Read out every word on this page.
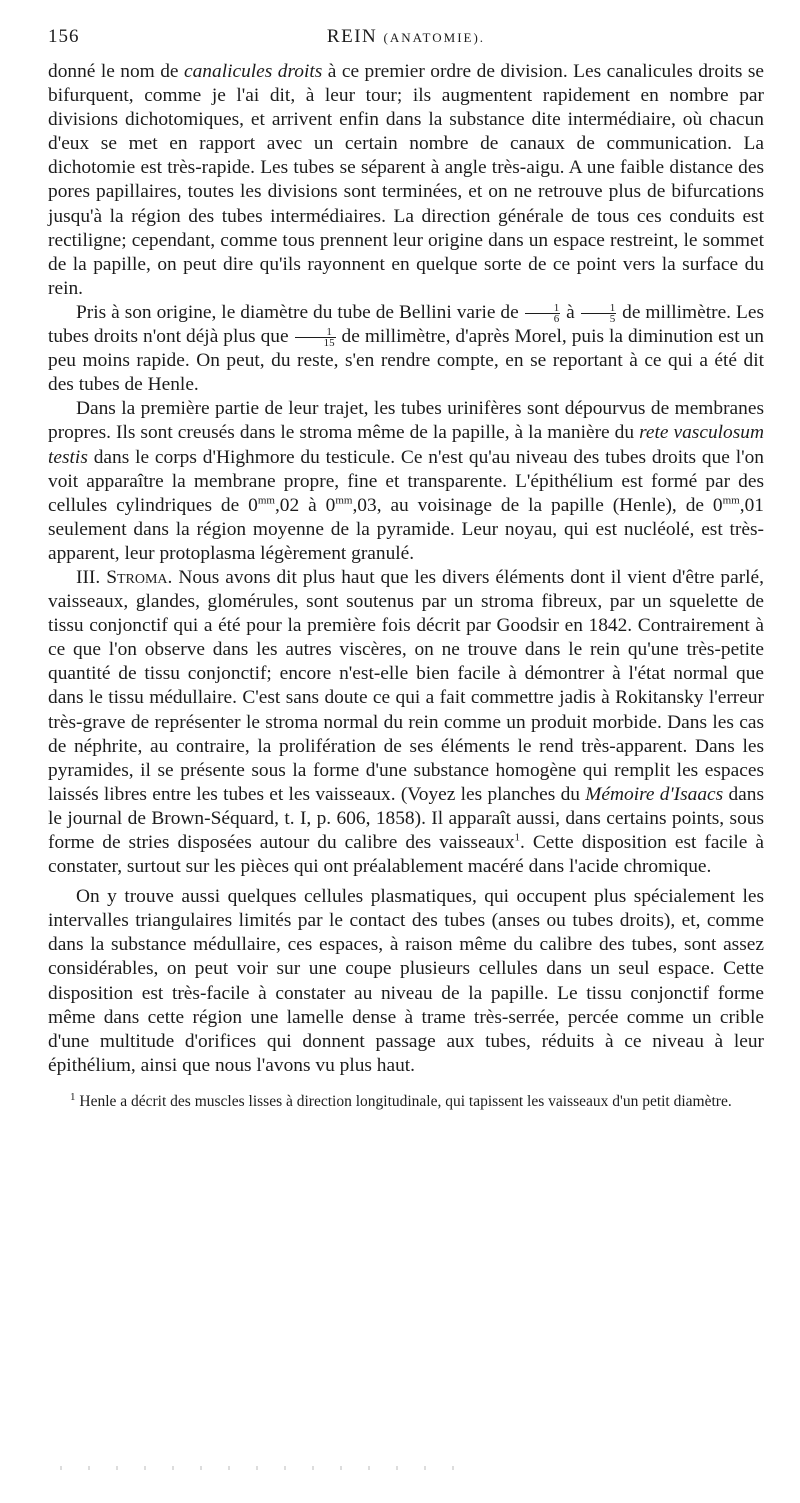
156	REIN (ANATOMIE).

donné le nom de canalicules droits à ce premier ordre de division. Les canalicules droits se bifurquent, comme je l'ai dit, à leur tour; ils augmentent rapidement en nombre par divisions dichotomiques, et arrivent enfin dans la substance dite intermédiaire, où chacun d'eux se met en rapport avec un certain nombre de canaux de communication. La dichotomie est très-rapide. Les tubes se séparent à angle très-aigu. A une faible distance des pores papillaires, toutes les divisions sont terminées, et on ne retrouve plus de bifurcations jusqu'à la région des tubes intermédiaires. La direction générale de tous ces conduits est rectiligne; cependant, comme tous prennent leur origine dans un espace restreint, le sommet de la papille, on peut dire qu'ils rayonnent en quelque sorte de ce point vers la surface du rein.

Pris à son origine, le diamètre du tube de Bellini varie de $\frac{1}{6}$ à $\frac{1}{5}$ de millimètre. Les tubes droits n'ont déjà plus que $\frac{1}{15}$ de millimètre, d'après Morel, puis la diminution est un peu moins rapide. On peut, du reste, s'en rendre compte, en se reportant à ce qui a été dit des tubes de Henle.

Dans la première partie de leur trajet, les tubes urinifères sont dépourvus de membranes propres. Ils sont creusés dans le stroma même de la papille, à la manière du rete vasculosum testis dans le corps d'Highmore du testicule. Ce n'est qu'au niveau des tubes droits que l'on voit apparaître la membrane propre, fine et transparente. L'épithélium est formé par des cellules cylindriques de $0^{mm},02$ à $0^{mm},03$, au voisinage de la papille (Henle), de $0^{mm},01$ seulement dans la région moyenne de la pyramide. Leur noyau, qui est nucléolé, est très-apparent, leur protoplasma légèrement granulé.

III. Stroma. Nous avons dit plus haut que les divers éléments dont il vient d'être parlé, vaisseaux, glandes, glomérules, sont soutenus par un stroma fibreux, par un squelette de tissu conjonctif qui a été pour la première fois décrit par Goodsir en 1842. Contrairement à ce que l'on observe dans les autres viscères, on ne trouve dans le rein qu'une très-petite quantité de tissu conjonctif; encore n'est-elle bien facile à démontrer à l'état normal que dans le tissu médullaire. C'est sans doute ce qui a fait commettre jadis à Rokitansky l'erreur très-grave de représenter le stroma normal du rein comme un produit morbide. Dans les cas de néphrite, au contraire, la prolifération de ses éléments le rend très-apparent. Dans les pyramides, il se présente sous la forme d'une substance homogène qui remplit les espaces laissés libres entre les tubes et les vaisseaux. (Voyez les planches du Mémoire d'Isaacs dans le journal de Brown-Séquard, t. I, p. 606, 1858). Il apparaît aussi, dans certains points, sous forme de stries disposées autour du calibre des vaisseaux$^1$. Cette disposition est facile à constater, surtout sur les pièces qui ont préalablement macéré dans l'acide chromique.

On y trouve aussi quelques cellules plasmatiques, qui occupent plus spécialement les intervalles triangulaires limités par le contact des tubes (anses ou tubes droits), et, comme dans la substance médullaire, ces espaces, à raison même du calibre des tubes, sont assez considérables, on peut voir sur une coupe plusieurs cellules dans un seul espace. Cette disposition est très-facile à constater au niveau de la papille. Le tissu conjonctif forme même dans cette région une lamelle dense à trame très-serrée, percée comme un crible d'une multitude d'orifices qui donnent passage aux tubes, réduits à ce niveau à leur épithélium, ainsi que nous l'avons vu plus haut.

$^1$ Henle a décrit des muscles lisses à direction longitudinale, qui tapissent les vaisseaux d'un petit diamètre.
